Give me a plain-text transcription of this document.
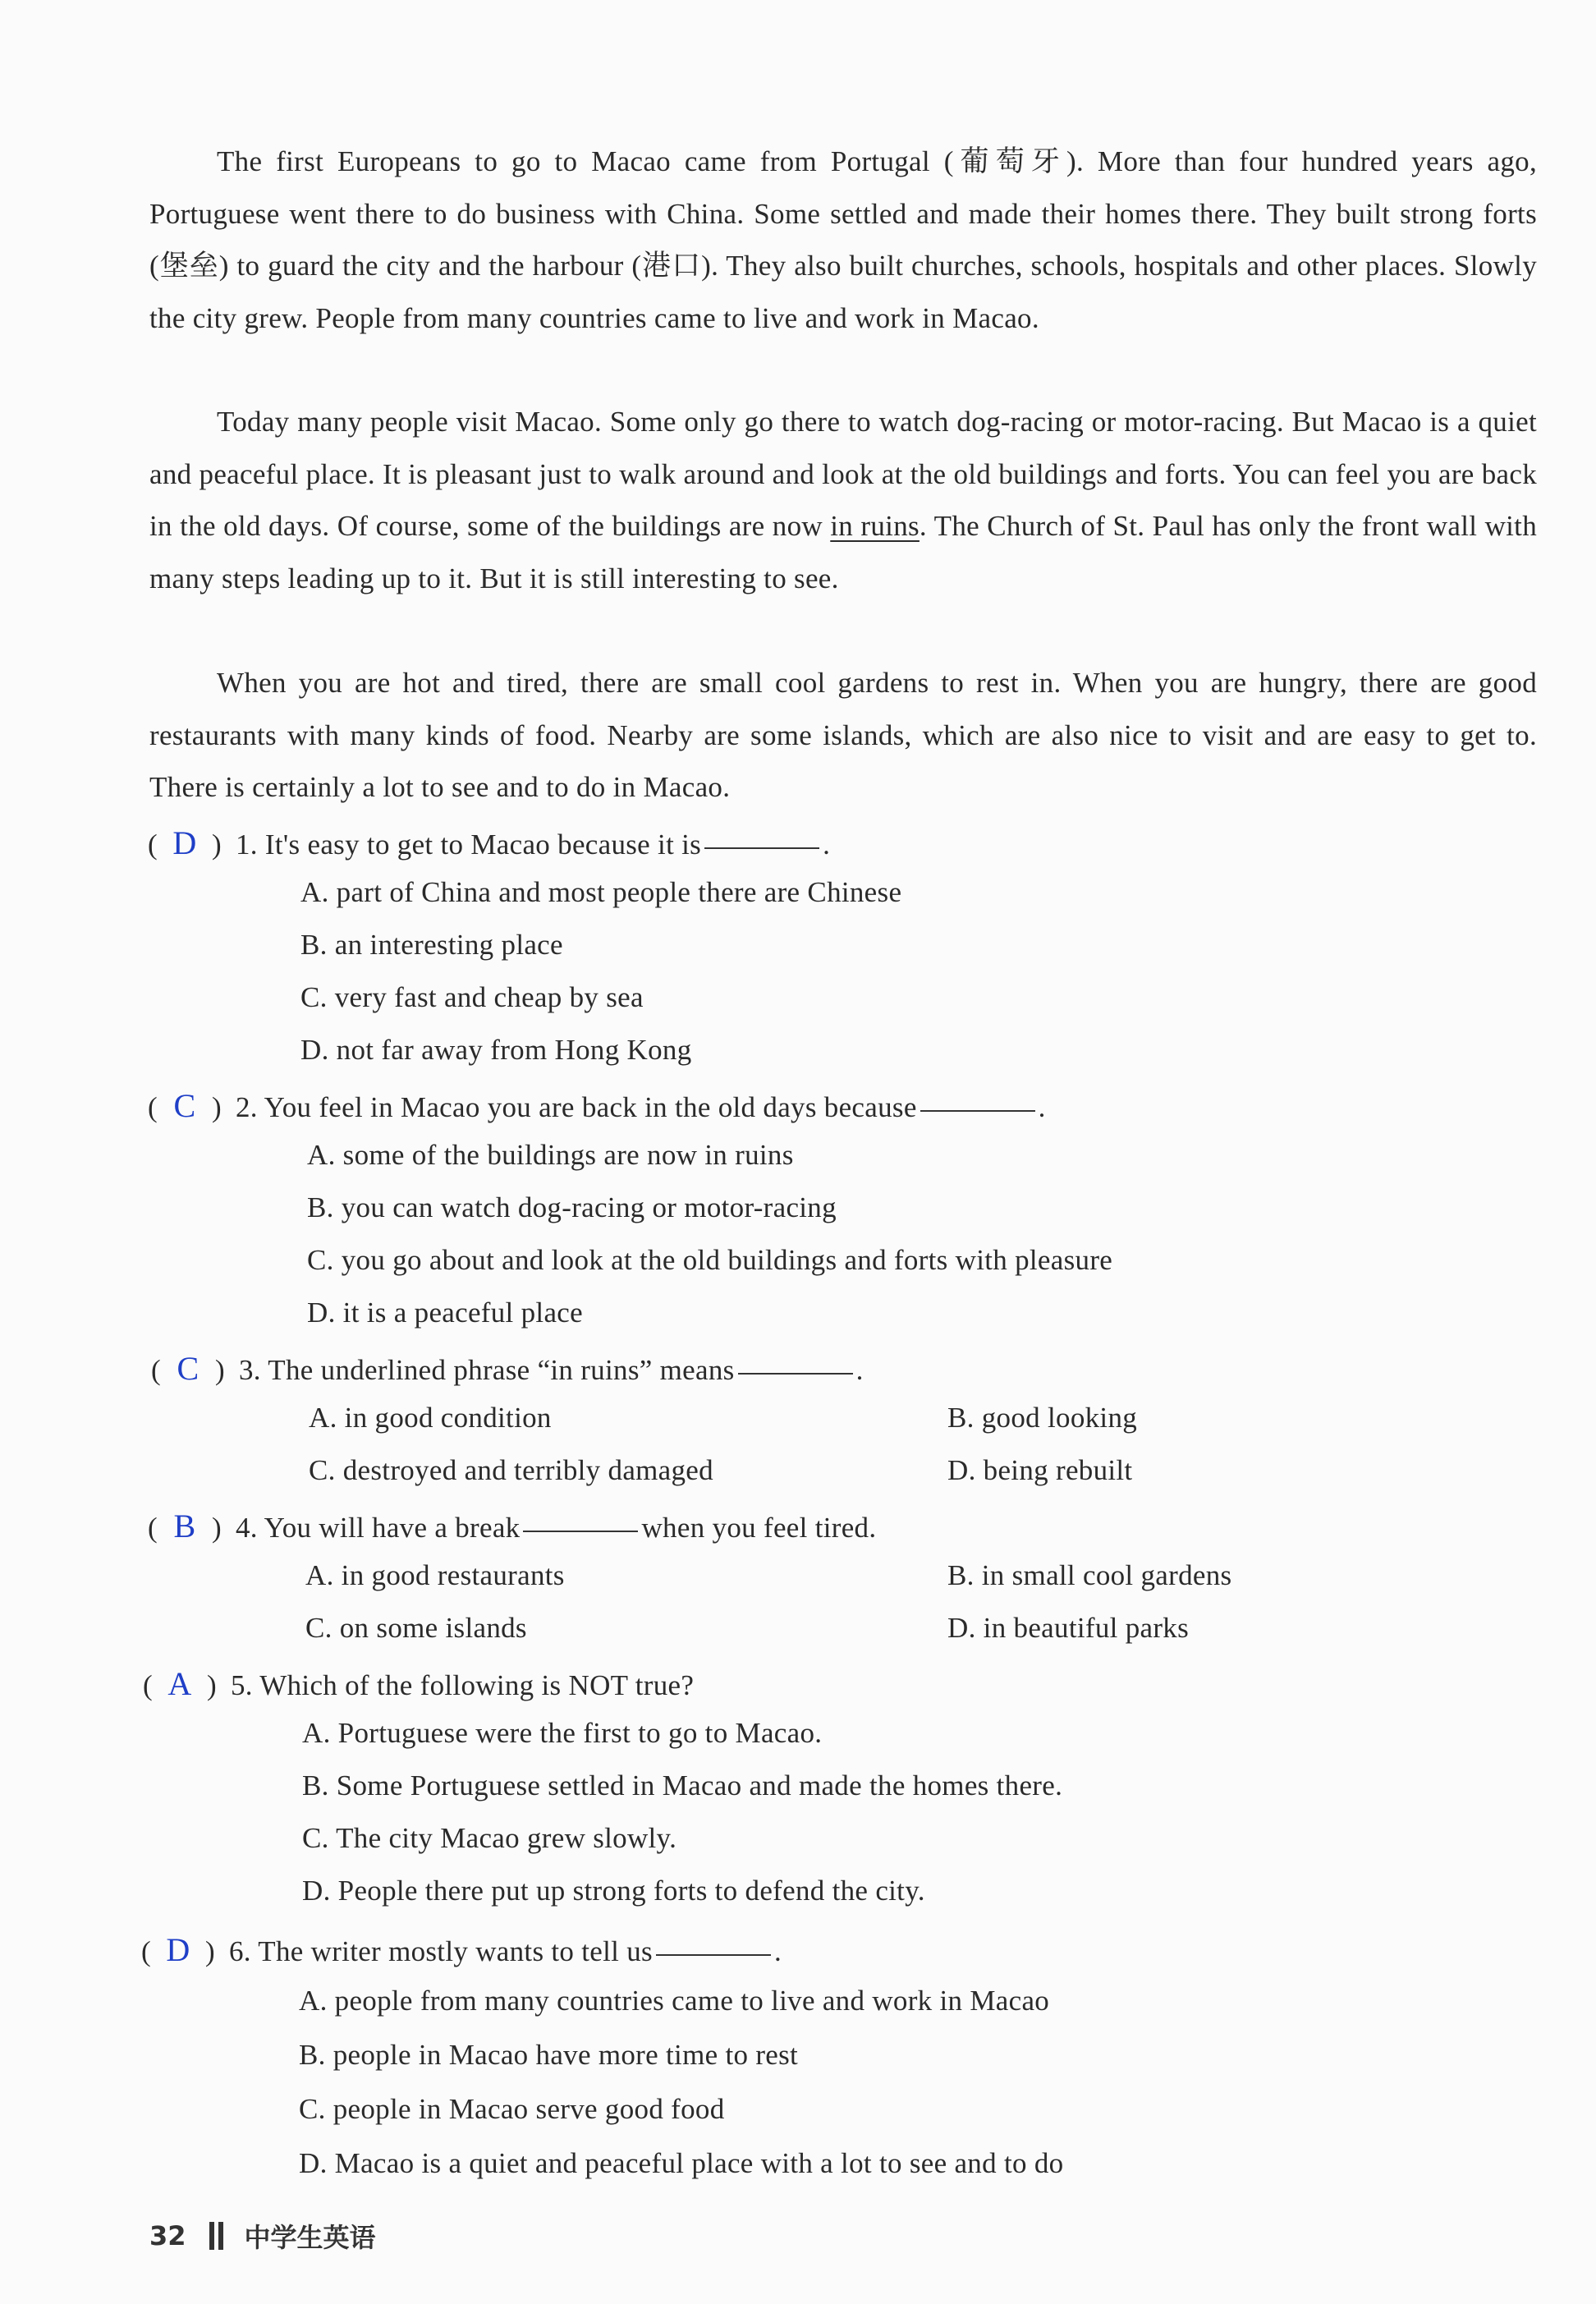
The first Europeans to go to Macao came from Portugal (葡萄牙). More than four hundred years ago, Portuguese went there to do business with China. Some settled and made their homes there. They built strong forts (堡垒) to guard the city and the harbour (港口). They also built churches, schools, hospitals and other places. Slowly the city grew. People from many countries came to live and work in Macao.

Today many people visit Macao. Some only go there to watch dog-racing or motor-racing. But Macao is a quiet and peaceful place. It is pleasant just to walk around and look at the old buildings and forts. You can feel you are back in the old days. Of course, some of the buildings are now in ruins. The Church of St. Paul has only the front wall with many steps leading up to it. But it is still interesting to see.

When you are hot and tired, there are small cool gardens to rest in. When you are hungry, there are good restaurants with many kinds of food. Nearby are some islands, which are also nice to visit and are easy to get to. There is certainly a lot to see and to do in Macao.

( D ) 1. It's easy to get to Macao because it is	.
A. part of China and most people there are Chinese
B. an interesting place
C. very fast and cheap by sea
D. not far away from Hong Kong
( C ) 2. You feel in Macao you are back in the old days because	.
A. some of the buildings are now in ruins
B. you can watch dog-racing or motor-racing
C. you go about and look at the old buildings and forts with pleasure
D. it is a peaceful place
( C ) 3. The underlined phrase “in ruins” means	.
A. in good condition	B. good looking
C. destroyed and terribly damaged	D. being rebuilt
( B ) 4. You will have a break	when you feel tired.
A. in good restaurants	B. in small cool gardens
C. on some islands	D. in beautiful parks
( A ) 5. Which of the following is NOT true?
A. Portuguese were the first to go to Macao.
B. Some Portuguese settled in Macao and made the homes there.
C. The city Macao grew slowly.
D. People there put up strong forts to defend the city.
( D ) 6. The writer mostly wants to tell us	.
A. people from many countries came to live and work in Macao
B. people in Macao have more time to rest
C. people in Macao serve good food
D. Macao is a quiet and peaceful place with a lot to see and to do
32 中学生英语
